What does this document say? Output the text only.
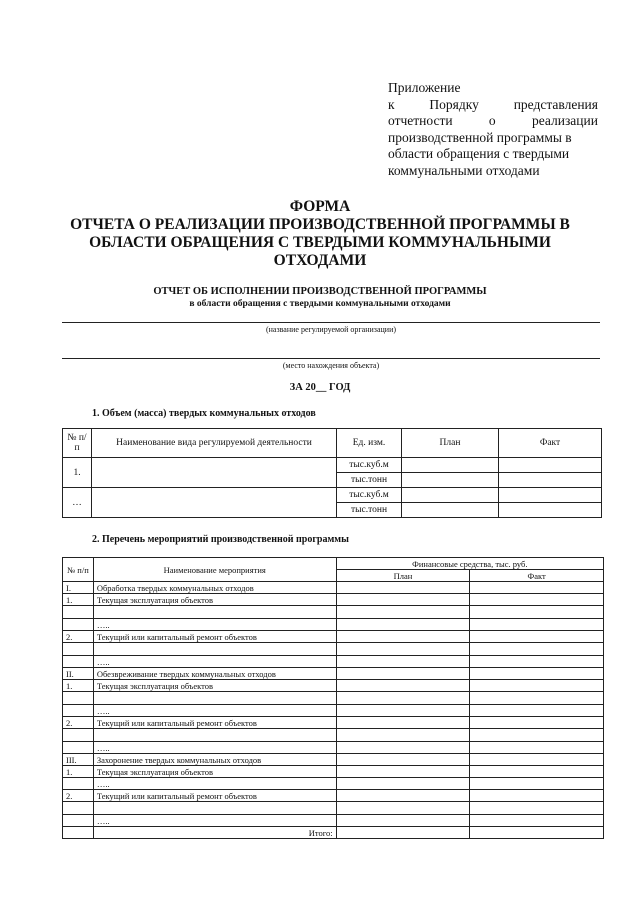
Приложение
к	Порядку	представления
отчетности	о	реализации
производственной программы в
области обращения с твердыми
коммунальными отходами
ФОРМА
ОТЧЕТА О РЕАЛИЗАЦИИ ПРОИЗВОДСТВЕННОЙ ПРОГРАММЫ В
ОБЛАСТИ ОБРАЩЕНИЯ С ТВЕРДЫМИ КОММУНАЛЬНЫМИ
ОТХОДАМИ
ОТЧЕТ ОБ ИСПОЛНЕНИИ ПРОИЗВОДСТВЕННОЙ ПРОГРАММЫ
в области обращения с твердыми коммунальными отходами
(название регулируемой организации)
(место нахождения объекта)
ЗА 20__ ГОД
1. Объем (масса) твердых коммунальных отходов
№ п/п	Наименование вида регулируемой деятельности	Ед. изм.	План	Факт
1.		тыс.куб.м		
		тыс.тонн		
…		тыс.куб.м		
		тыс.тонн		
2. Перечень мероприятий производственной программы
№ п/п	Наименование мероприятия	Финансовые средства, тыс. руб.	
		План	Факт
I.	Обработка твердых коммунальных отходов		
1.	Текущая эксплуатация объектов		

	…..		
2.	Текущий или капитальный ремонт объектов		

	…..		
II.	Обезвреживание твердых коммунальных отходов		
1.	Текущая эксплуатация объектов		

	…..		
2.	Текущий или капитальный ремонт объектов		

	…..		
III.	Захоронение твердых коммунальных отходов		
1.	Текущая эксплуатация объектов		
	…..		
2.	Текущий или капитальный ремонт объектов		

	…..		
	Итого:		
